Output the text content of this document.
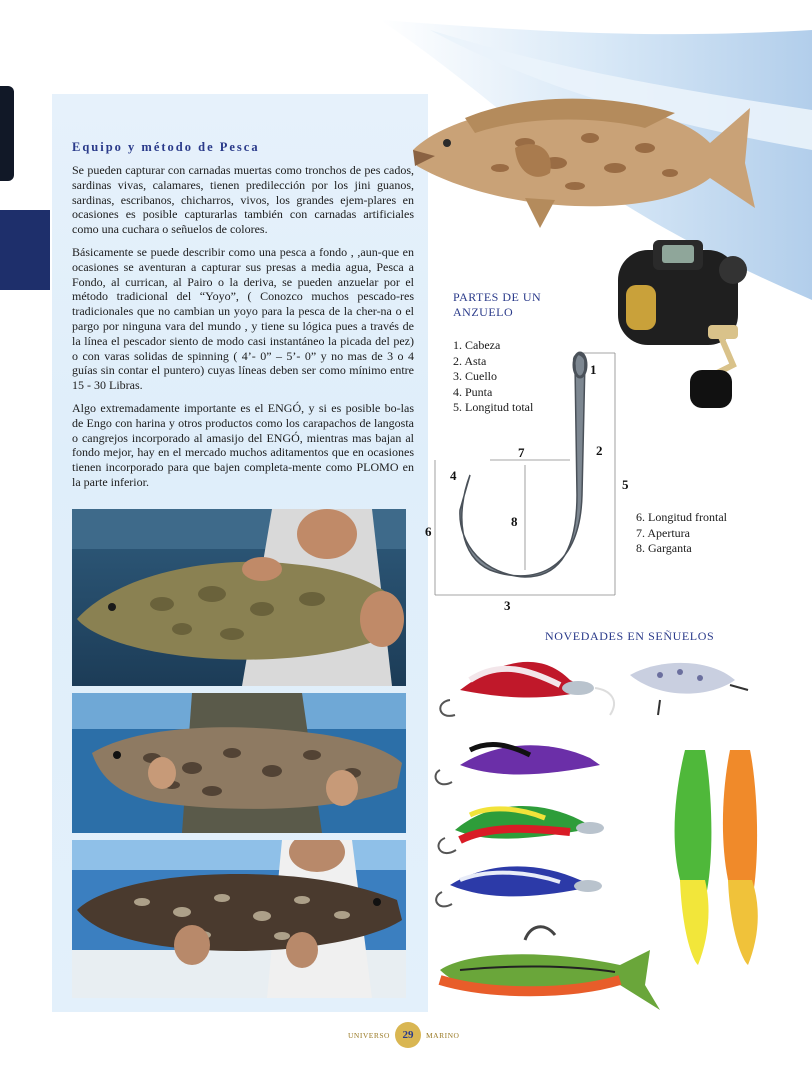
Equipo y método de Pesca

Se pueden capturar con carnadas muertas como tronchos de pes cados, sardinas vivas, calamares, tienen predilección por los jini guanos, sardinas, escribanos, chicharros, vivos, los grandes ejem-plares en ocasiones es posible capturarlas también con carnadas artificiales como una cuchara o señuelos de colores.

Básicamente se puede describir como una pesca a fondo , ,aun-que en ocasiones se aventuran a capturar sus presas a media agua, Pesca a Fondo, al currican, al Pairo o la deriva, se pueden anzuelar por el método tradicional del “Yoyo”, ( Conozco muchos pescado-res tradicionales que no cambian un yoyo para la pesca de la cher-na o el pargo por ninguna vara del mundo , y tiene su lógica pues a través de la línea el pescador siento de modo casi instantáneo la picada del pez) o con varas solidas de spinning ( 4’- 0” – 5’- 0” y no mas de 3 o 4 guías sin contar el puntero) cuyas líneas deben ser como mínimo entre 15 - 30 Libras.

Algo extremadamente importante es el ENGÓ, y si es posible bo-las de Engo con harina y otros productos como los carapachos de langosta o cangrejos incorporado al amasijo del ENGÓ, mientras mas bajan al fondo mejor, hay en el mercado muchos aditamentos que en ocasiones tienen incorporado para que bajen completa-mente como PLOMO en la parte inferior.

PARTES DE UN ANZUELO
1. Cabeza
2. Asta
3. Cuello
4. Punta
5. Longitud total
6. Longitud frontal
7. Apertura
8. Garganta
1
2
3
4
5
6
7
8
NOVEDADES EN SEÑUELOS
UNIVERSO	29	MARINO
